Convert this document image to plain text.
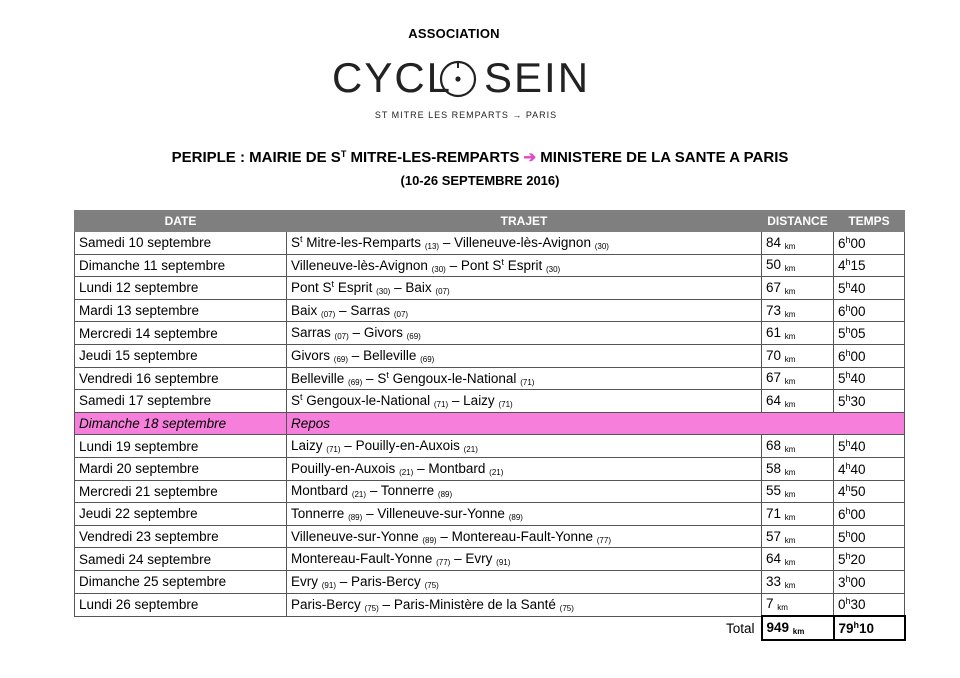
ASSOCIATION
CYCL SEIN
ST MITRE LES REMPARTS → PARIS
PERIPLE : MAIRIE DE $S^T$ MITRE-LES-REMPARTS ➔ MINISTERE DE LA SANTE A PARIS
(10-26 SEPTEMBRE 2016)
DATE	TRAJET	DISTANCE	TEMPS
Samedi 10 septembre	$S^t$ Mitre-les-Remparts $_{(13)}$ – Villeneuve-lès-Avignon $_{(30)}$	84 $_{km}$	6$^h$00
Dimanche 11 septembre	Villeneuve-lès-Avignon $_{(30)}$ – Pont $S^t$ Esprit $_{(30)}$	50 $_{km}$	4$^h$15
Lundi 12 septembre	Pont $S^t$ Esprit $_{(30)}$ – Baix $_{(07)}$	67 $_{km}$	5$^h$40
Mardi 13 septembre	Baix $_{(07)}$ – Sarras $_{(07)}$	73 $_{km}$	6$^h$00
Mercredi 14 septembre	Sarras $_{(07)}$ – Givors $_{(69)}$	61 $_{km}$	5$^h$05
Jeudi 15 septembre	Givors $_{(69)}$ – Belleville $_{(69)}$	70 $_{km}$	6$^h$00
Vendredi 16 septembre	Belleville $_{(69)} - S^t$ Gengoux-le-National $_{(71)}$	67 $_{km}$	5$^h$40
Samedi 17 septembre	$S^t$ Gengoux-le-National $_{(71)}$ – Laizy $_{(71)}$	64 $_{km}$	5$^h$30
Dimanche 18 septembre	Repos		
Lundi 19 septembre	Laizy $_{(71)}$ – Pouilly-en-Auxois $_{(21)}$	68 $_{km}$	5$^h$40
Mardi 20 septembre	Pouilly-en-Auxois $_{(21)}$ – Montbard $_{(21)}$	58 $_{km}$	4$^h$40
Mercredi 21 septembre	Montbard $_{(21)}$ – Tonnerre $_{(89)}$	55 $_{km}$	4$^h$50
Jeudi 22 septembre	Tonnerre $_{(89)}$ – Villeneuve-sur-Yonne $_{(89)}$	71 $_{km}$	6$^h$00
Vendredi 23 septembre	Villeneuve-sur-Yonne $_{(89)}$ – Montereau-Fault-Yonne $_{(77)}$	57 $_{km}$	5$^h$00
Samedi 24 septembre	Montereau-Fault-Yonne $_{(77)}$ – Evry $_{(91)}$	64 $_{km}$	5$^h$20
Dimanche 25 septembre	Evry $_{(91)}$ – Paris-Bercy $_{(75)}$	33 $_{km}$	3$^h$00
Lundi 26 septembre	Paris-Bercy $_{(75)}$ – Paris-Ministère de la Santé $_{(75)}$	7 $_{km}$	0$^h$30
	Total	949 $_{km}$	79$^h$10
